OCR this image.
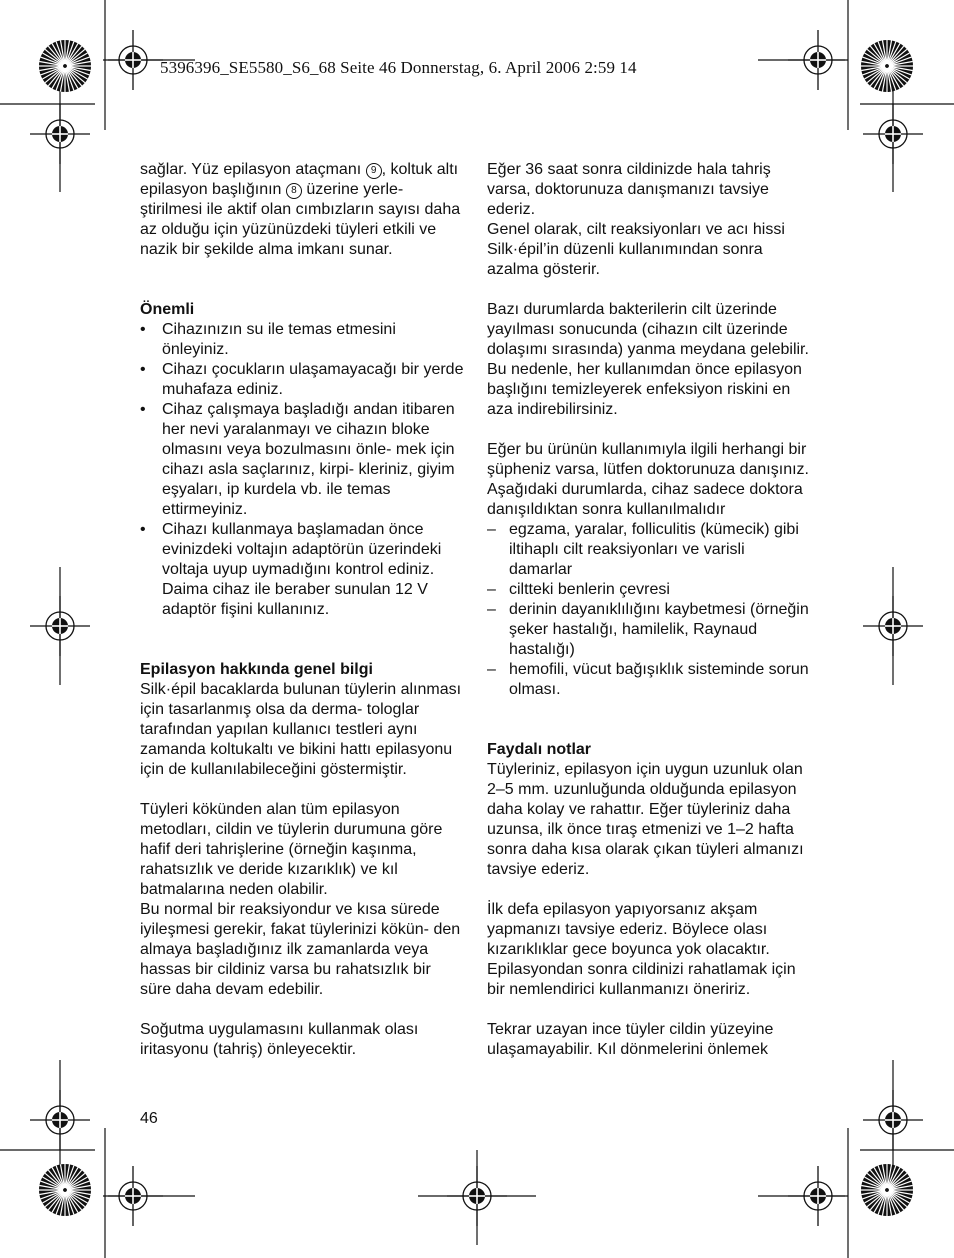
5396396_SE5580_S6_68 Seite 46 Donnerstag, 6. April 2006 2:59 14

sağlar. Yüz epilasyon ataçmanı 9 , koltuk altı epilasyon başlığının 8 üzerine yerle- ştirilmesi ile aktif olan cımbızların sayısı daha az olduğu için yüzünüzdeki tüyleri etkili ve nazik bir şekilde alma imkanı sunar.

Önemli

• Cihazınızın su ile temas etmesini önleyiniz.
• Cihazı çocukların ulaşamayacağı bir yerde muhafaza ediniz.
• Cihaz çalışmaya başladığı andan itibaren her nevi yaralanmayı ve cihazın bloke olmasını veya bozulmasını önle- mek için cihazı asla saçlarınız, kirpi- kleriniz, giyim eşyaları, ip kurdela vb. ile temas ettirmeyiniz.
• Cihazı kullanmaya başlamadan önce evinizdeki voltajın adaptörün üzerindeki voltaja uyup uymadığını kontrol ediniz. Daima cihaz ile beraber sunulan 12 V adaptör fişini kullanınız.

Epilasyon hakkında genel bilgi

Silk·épil bacaklarda bulunan tüylerin alınması için tasarlanmış olsa da derma- tologlar tarafından yapılan kullanıcı testleri aynı zamanda koltukaltı ve bikini hattı epilasyonu için de kullanılabileceğini göstermiştir.

Tüyleri kökünden alan tüm epilasyon metodları, cildin ve tüylerin durumuna göre hafif deri tahrişlerine (örneğin kaşınma, rahatsızlık ve deride kızarıklık) ve kıl batmalarına neden olabilir.

Bu normal bir reaksiyondur ve kısa sürede iyileşmesi gerekir, fakat tüylerinizi kökün- den almaya başladığınız ilk zamanlarda veya hassas bir cildiniz varsa bu rahatsızlık bir süre daha devam edebilir.

Soğutma uygulamasını kullanmak olası iritasyonu (tahriş) önleyecektir.

Eğer 36 saat sonra cildinizde hala tahriş varsa, doktorunuza danışmanızı tavsiye ederiz.

Genel olarak, cilt reaksiyonları ve acı hissi Silk·épil’in düzenli kullanımından sonra azalma gösterir.

Bazı durumlarda bakterilerin cilt üzerinde yayılması sonucunda (cihazın cilt üzerinde dolaşımı sırasında) yanma meydana gelebilir. Bu nedenle, her kullanımdan önce epilasyon başlığını temizleyerek enfeksiyon riskini en aza indirebilirsiniz.

Eğer bu ürünün kullanımıyla ilgili herhangi bir şüpheniz varsa, lütfen doktorunuza danışınız. Aşağıdaki durumlarda, cihaz sadece doktora danışıldıktan sonra kullanılmalıdır

– egzama, yaralar, folliculitis (kümecik) gibi iltihaplı cilt reaksiyonları ve varisli damarlar
– ciltteki benlerin çevresi
– derinin dayanıklılığını kaybetmesi (örneğin şeker hastalığı, hamilelik, Raynaud hastalığı)
– hemofili, vücut bağışıklık sisteminde sorun olması.

Faydalı notlar

Tüyleriniz, epilasyon için uygun uzunluk olan 2–5 mm. uzunluğunda olduğunda epilasyon daha kolay ve rahattır. Eğer tüyleriniz daha uzunsa, ilk önce tıraş etmenizi ve 1–2 hafta sonra daha kısa olarak çıkan tüyleri almanızı tavsiye ederiz.

İlk defa epilasyon yapıyorsanız akşam yapmanızı tavsiye ederiz. Böylece olası kızarıklıklar gece boyunca yok olacaktır. Epilasyondan sonra cildinizi rahatlamak için bir nemlendirici kullanmanızı öneririz.

Tekrar uzayan ince tüyler cildin yüzeyine ulaşamayabilir. Kıl dönmelerini önlemek

46
